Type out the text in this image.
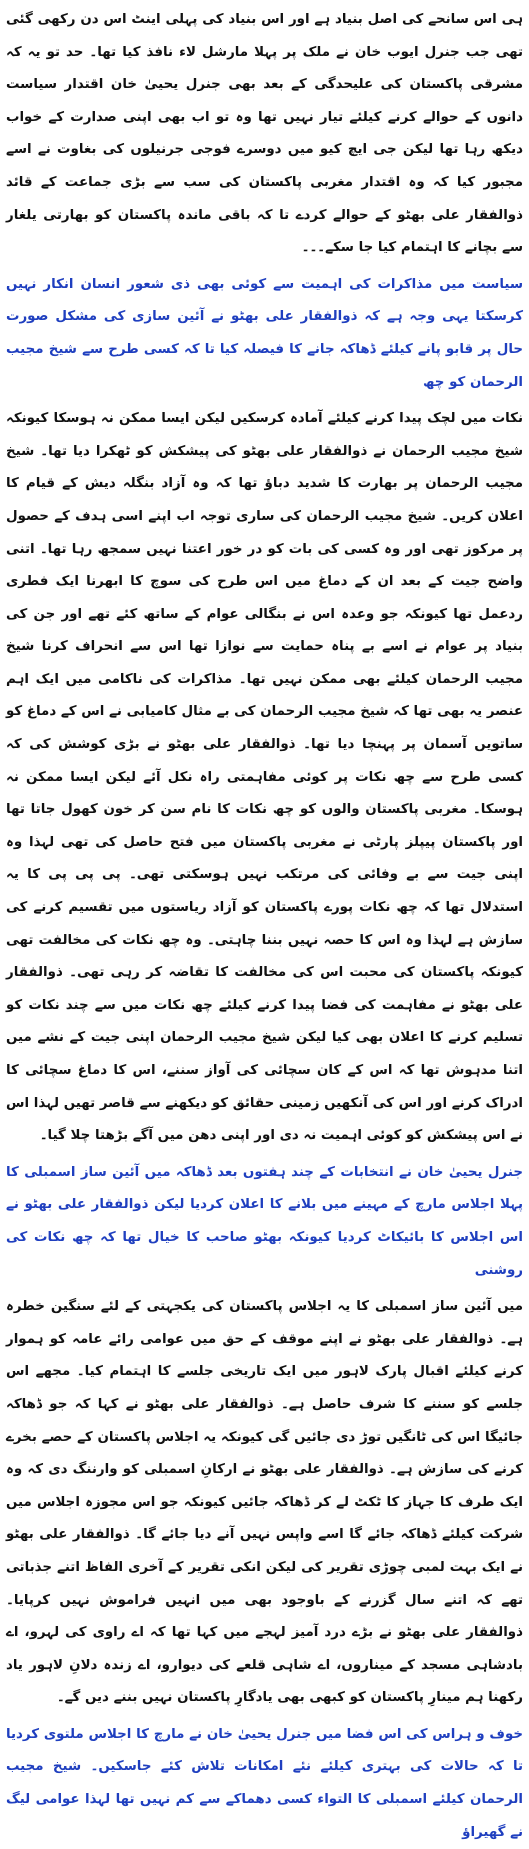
ہی اس سانحے کی اصل بنیاد ہے اور اس بنیاد کی پہلی اینٹ اس دن رکھی گئی تھی جب جنرل ایوب خان نے ملک پر پہلا مارشل لاء نافذ کیا تھا۔ حد تو یہ کہ مشرقی پاکستان کی علیحدگی کے بعد بھی جنرل یحییٰ خان اقتدار سیاست دانوں کے حوالے کرنے کیلئے تیار نہیں تھا وہ تو اب بھی اپنی صدارت کے خواب دیکھ رہا تھا لیکن جی ایچ کیو میں دوسرے فوجی جرنیلوں کی بغاوت نے اسے مجبور کیا کہ وہ اقتدار مغربی پاکستان کی سب سے بڑی جماعت کے قائد ذوالفقار علی بھٹو کے حوالے کردے تا کہ باقی ماندہ پاکستان کو بھارتی یلغار سے بچانے کا اہتمام کیا جا سکے۔۔۔

سیاست میں مذاکرات کی اہمیت سے کوئی بھی ذی شعور انسان انکار نہیں کرسکتا یہی وجہ ہے کہ ذوالفقار علی بھٹو نے آئین سازی کی مشکل صورت حال پر قابو پانے کیلئے ڈھاکہ جانے کا فیصلہ کیا تا کہ کسی طرح سے شیخ مجیب الرحمان کو چھ

نکات میں لچک پیدا کرنے کیلئے آمادہ کرسکیں لیکن ایسا ممکن نہ ہوسکا کیونکہ شیخ مجیب الرحمان نے ذوالفقار علی بھٹو کی پیشکش کو ٹھکرا دیا تھا۔ شیخ مجیب الرحمان پر بھارت کا شدید دباؤ تھا کہ وہ آزاد بنگلہ دیش کے قیام کا اعلان کریں۔ شیخ مجیب الرحمان کی ساری توجہ اب اپنے اسی ہدف کے حصول پر مرکوز تھی اور وہ کسی کی بات کو در خور اعتنا نہیں سمجھ رہا تھا۔ اتنی واضح جیت کے بعد ان کے دماغ میں اس طرح کی سوچ کا ابھرنا ایک فطری ردعمل تھا کیونکہ جو وعدہ اس نے بنگالی عوام کے ساتھ کئے تھے اور جن کی بنیاد پر عوام نے اسے بے پناہ حمایت سے نوازا تھا اس سے انحراف کرنا شیخ مجیب الرحمان کیلئے بھی ممکن نہیں تھا۔ مذاکرات کی ناکامی میں ایک اہم عنصر یہ بھی تھا کہ شیخ مجیب الرحمان کی بے مثال کامیابی نے اس کے دماغ کو ساتویں آسمان پر پہنچا دیا تھا۔ ذوالفقار علی بھٹو نے بڑی کوشش کی کہ کسی طرح سے چھ نکات پر کوئی مفاہمتی راہ نکل آئے لیکن ایسا ممکن نہ ہوسکا۔ مغربی پاکستان والوں کو چھ نکات کا نام سن کر خون کھول جاتا تھا اور پاکستان پیپلز پارٹی نے مغربی پاکستان میں فتح حاصل کی تھی لہذا وہ اپنی جیت سے بے وفائی کی مرتکب نہیں ہوسکتی تھی۔ پی پی پی کا یہ استدلال تھا کہ چھ نکات پورے پاکستان کو آزاد ریاستوں میں تقسیم کرنے کی سازش ہے لہذا وہ اس کا حصہ نہیں بننا چاہتی۔ وہ چھ نکات کی مخالفت تھی کیونکہ پاکستان کی محبت اس کی مخالفت کا تقاضہ کر رہی تھی۔ ذوالفقار علی بھٹو نے مفاہمت کی فضا پیدا کرنے کیلئے چھ نکات میں سے چند نکات کو تسلیم کرنے کا اعلان بھی کیا لیکن شیخ مجیب الرحمان اپنی جیت کے نشے میں اتنا مدہوش تھا کہ اس کے کان سچائی کی آواز سننے، اس کا دماغ سچائی کا ادراک کرنے اور اس کی آنکھیں زمینی حقائق کو دیکھنے سے قاصر تھیں لہذا اس نے اس پیشکش کو کوئی اہمیت نہ دی اور اپنی دھن میں آگے بڑھتا چلا گیا۔

جنرل یحییٰ خان نے انتخابات کے چند ہفتوں بعد ڈھاکہ میں آئین ساز اسمبلی کا پہلا اجلاس مارچ کے مہینے میں بلانے کا اعلان کردیا لیکن ذوالفقار علی بھٹو نے اس اجلاس کا بائیکاٹ کردیا کیونکہ بھٹو صاحب کا خیال تھا کہ چھ نکات کی روشنی

میں آئین ساز اسمبلی کا یہ اجلاس پاکستان کی یکجہتی کے لئے سنگین خطرہ ہے۔ ذوالفقار علی بھٹو نے اپنے موقف کے حق میں عوامی رائے عامہ کو ہموار کرنے کیلئے اقبال پارک لاہور میں ایک تاریخی جلسے کا اہتمام کیا۔ مجھے اس جلسے کو سننے کا شرف حاصل ہے۔ ذوالفقار علی بھٹو نے کہا کہ جو ڈھاکہ جائیگا اس کی ٹانگیں توڑ دی جائیں گی کیونکہ یہ اجلاس پاکستان کے حصے بخرے کرنے کی سازش ہے۔ ذوالفقار علی بھٹو نے ارکانِ اسمبلی کو وارننگ دی کہ وہ ایک طرف کا جہاز کا ٹکٹ لے کر ڈھاکہ جائیں کیونکہ جو اس مجوزہ اجلاس میں شرکت کیلئے ڈھاکہ جائے گا اسے واپس نہیں آنے دیا جائے گا۔ ذوالفقار علی بھٹو نے ایک بہت لمبی چوڑی تقریر کی لیکن انکی تقریر کے آخری الفاظ اتنے جذباتی تھے کہ اتنے سال گزرنے کے باوجود بھی میں انہیں فراموش نہیں کرپایا۔ ذوالفقار علی بھٹو نے بڑے درد آمیز لہجے میں کہا تھا کہ اے راوی کی لہرو، اے بادشاہی مسجد کے میناروں، اے شاہی قلعے کی دیوارو، اے زندہ دلانِ لاہور یاد رکھنا ہم مینارِ پاکستان کو کبھی بھی یادگارِ پاکستان نہیں بننے دیں گے۔

خوف و ہراس کی اس فضا میں جنرل یحییٰ خان نے مارچ کا اجلاس ملتوی کردیا تا کہ حالات کی بہتری کیلئے نئے امکانات تلاش کئے جاسکیں۔ شیخ مجیب الرحمان کیلئے اسمبلی کا التواء کسی دھماکے سے کم نہیں تھا لہذا عوامی لیگ نے گھیراؤ
